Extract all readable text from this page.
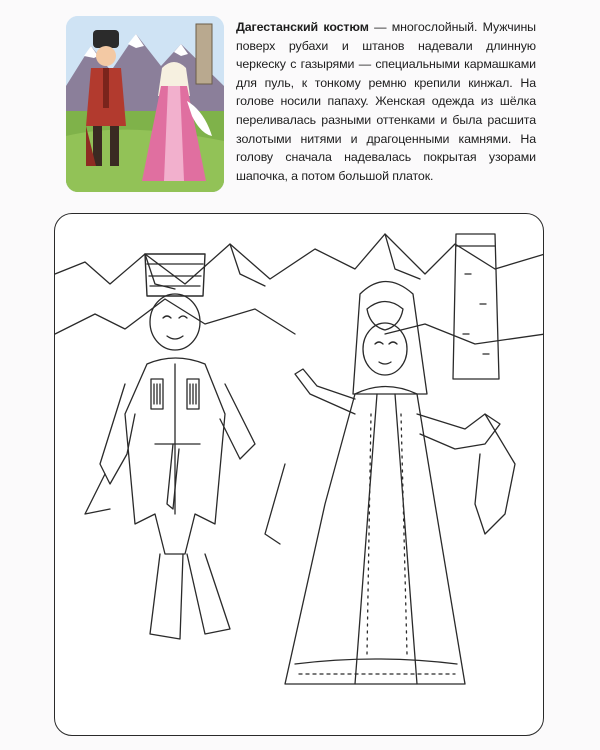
Дагестанский костюм — многослойный. Мужчины поверх рубахи и штанов надевали длинную черкеску с газырями — специальными кармашками для пуль, к тонкому ремню крепили кинжал. На голове носили папаху. Женская одежда из шёлка переливалась разными оттенками и была расшита золотыми нитями и драгоценными камнями. На голову сначала надевалась покрытая узорами шапочка, а потом большой платок.
